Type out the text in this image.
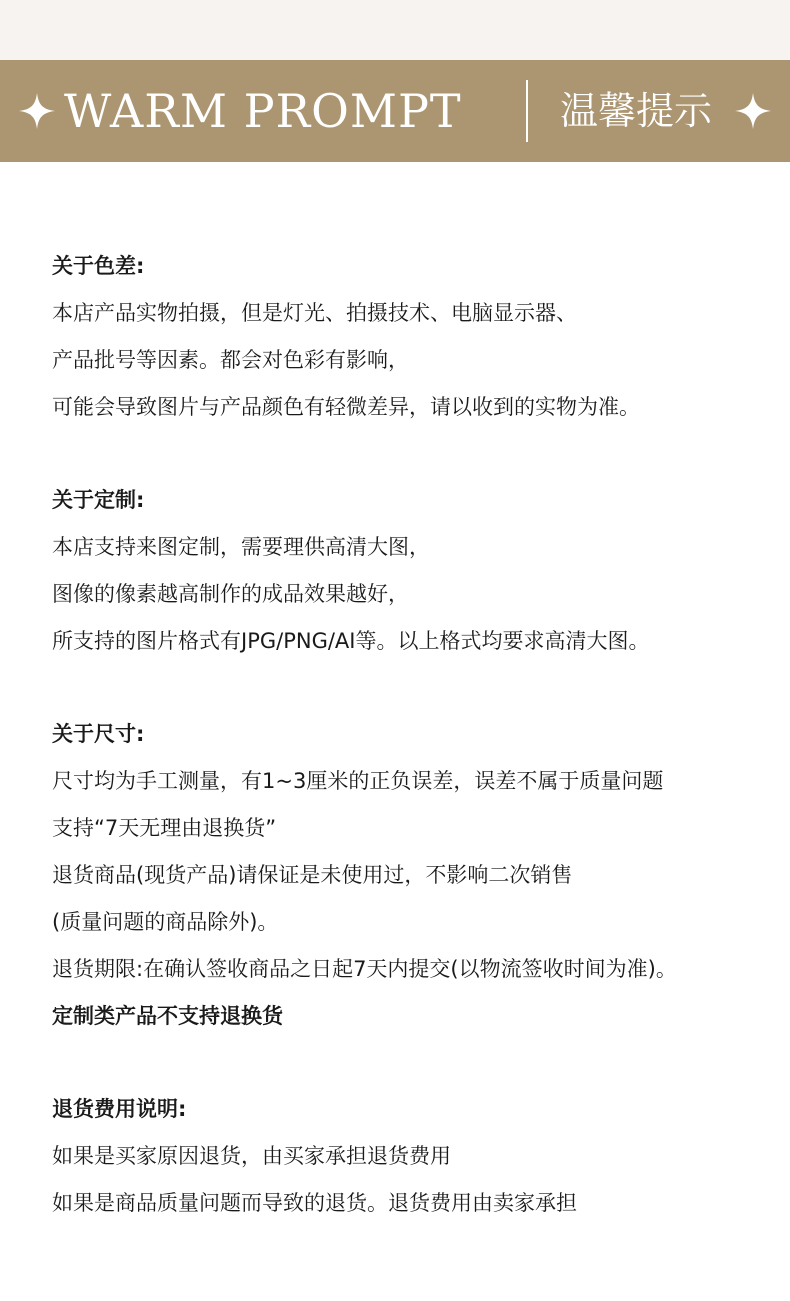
WARM PROMPT	温馨提示
关于色差:
本店产品实物拍摄，但是灯光、拍摄技术、电脑显示器、
产品批号等因素。都会对色彩有影响，
可能会导致图片与产品颜色有轻微差异，请以收到的实物为准。
关于定制:
本店支持来图定制，需要理供高清大图，
图像的像素越高制作的成品效果越好，
所支持的图片格式有JPG/PNG/AI等。以上格式均要求高清大图。
关于尺寸:
尺寸均为手工测量，有1~3厘米的正负误差，误差不属于质量问题
支持“7天无理由退换货”
退货商品(现货产品)请保证是未使用过，不影响二次销售
(质量问题的商品除外)。
退货期限:在确认签收商品之日起7天内提交(以物流签收时间为准)。
定制类产品不支持退换货
退货费用说明:
如果是买家原因退货，由买家承担退货费用
如果是商品质量问题而导致的退货。退货费用由卖家承担
